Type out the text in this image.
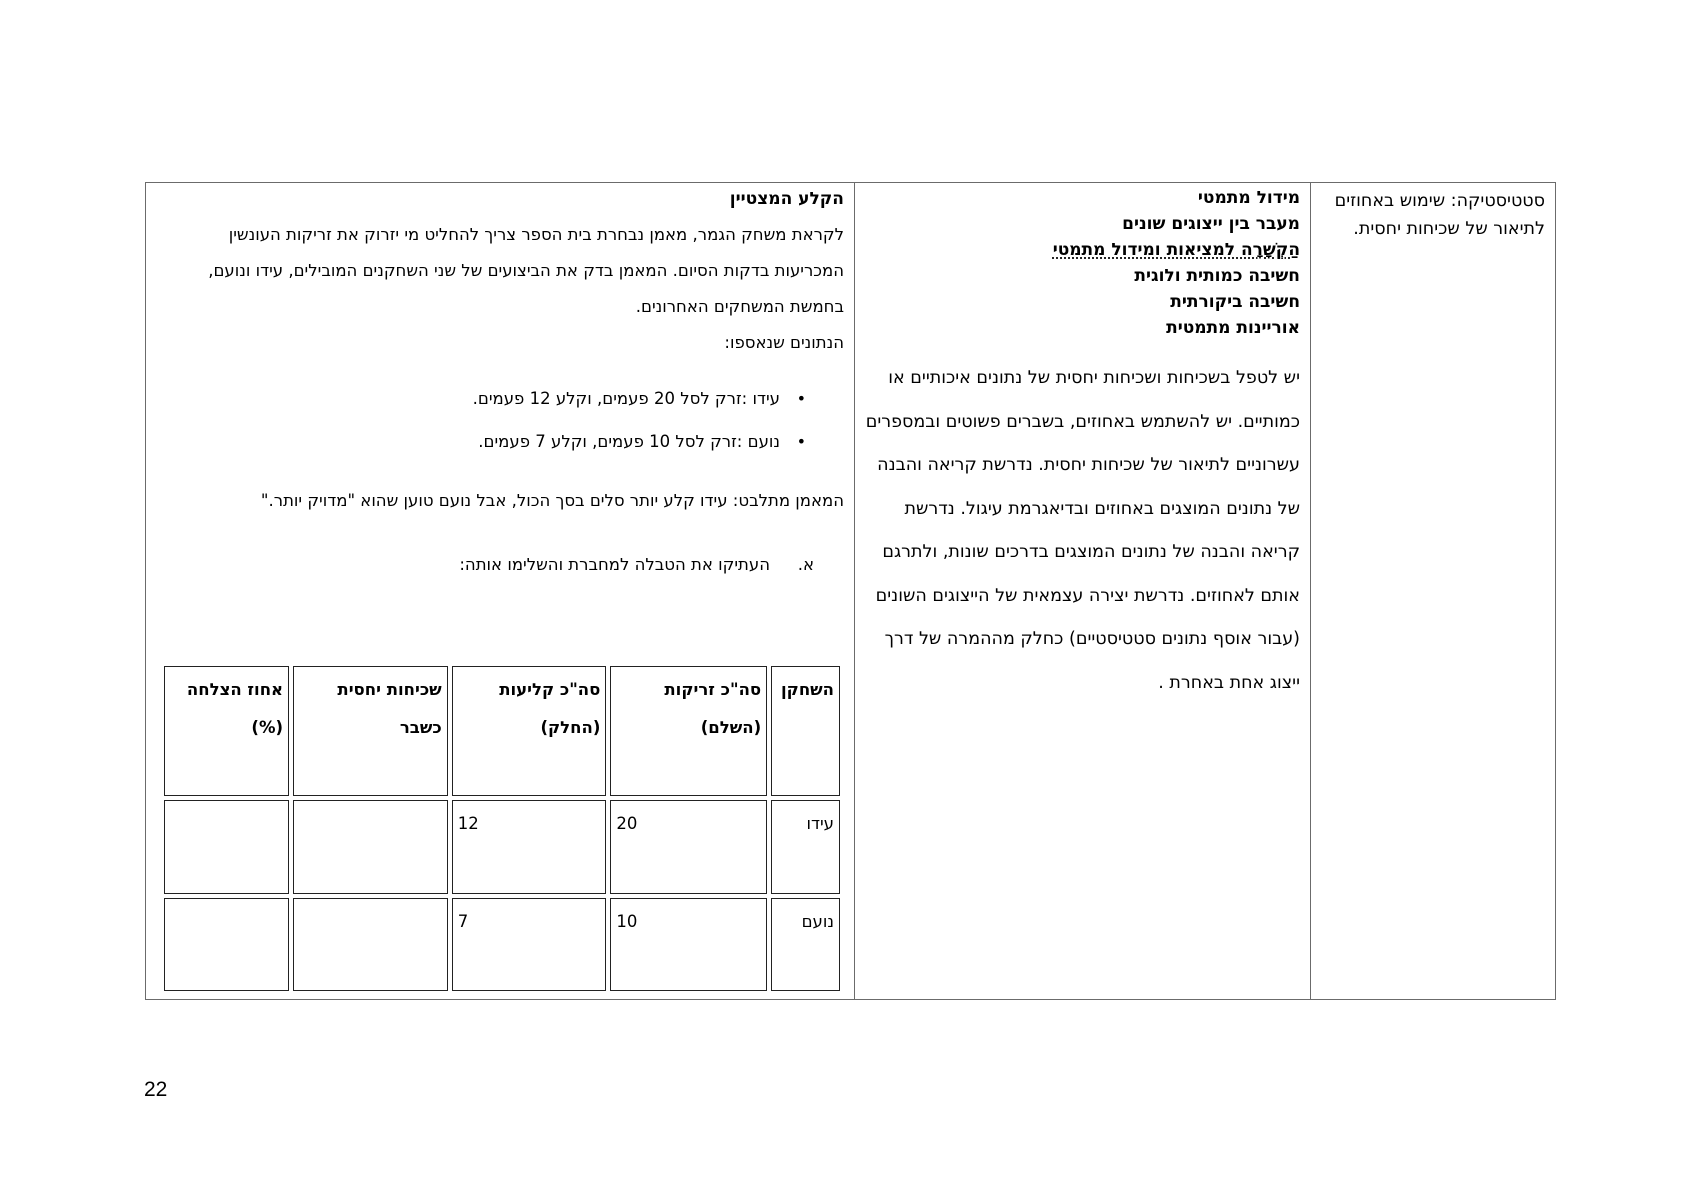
סטטיסטיקה: שימוש באחוזים לתיאור של שכיחות יחסית.

מידול מתמטי
מעבר בין ייצוגים שונים
הַקְשָׁרָה למציאות ומידול מתמטי
חשיבה כמותית ולוגית
חשיבה ביקורתית
אוריינות מתמטית

יש לטפל בשכיחות ושכיחות יחסית של נתונים איכותיים או כמותיים. יש להשתמש באחוזים, בשברים פשוטים ובמספרים עשרוניים לתיאור של שכיחות יחסית. נדרשת קריאה והבנה של נתונים המוצגים באחוזים ובדיאגרמת עיגול. נדרשת קריאה והבנה של נתונים המוצגים בדרכים שונות, ולתרגם אותם לאחוזים. נדרשת יצירה עצמאית של הייצוגים השונים (עבור אוסף נתונים סטטיסטיים) כחלק מההמרה של דרך ייצוג אחת באחרת .

הקלע המצטיין

לקראת משחק הגמר, מאמן נבחרת בית הספר צריך להחליט מי יזרוק את זריקות העונשין המכריעות בדקות הסיום. המאמן בדק את הביצועים של שני השחקנים המובילים, עידו ונועם, בחמשת המשחקים האחרונים.

הנתונים שנאספו:

• עידו :זרק לסל 20 פעמים, וקלע 12 פעמים.
• נועם :זרק לסל 10 פעמים, וקלע 7 פעמים.

המאמן מתלבט: עידו קלע יותר סלים בסך הכול, אבל נועם טוען שהוא "מדויק יותר."

א.
העתיקו את הטבלה למחברת והשלימו אותה:

השחקן	סה"כ זריקות (השלם)	סה"כ קליעות (החלק)	שכיחות יחסית כשבר	אחוז הצלחה (%)
עידו	20	12		
נועם	10	7		
22
